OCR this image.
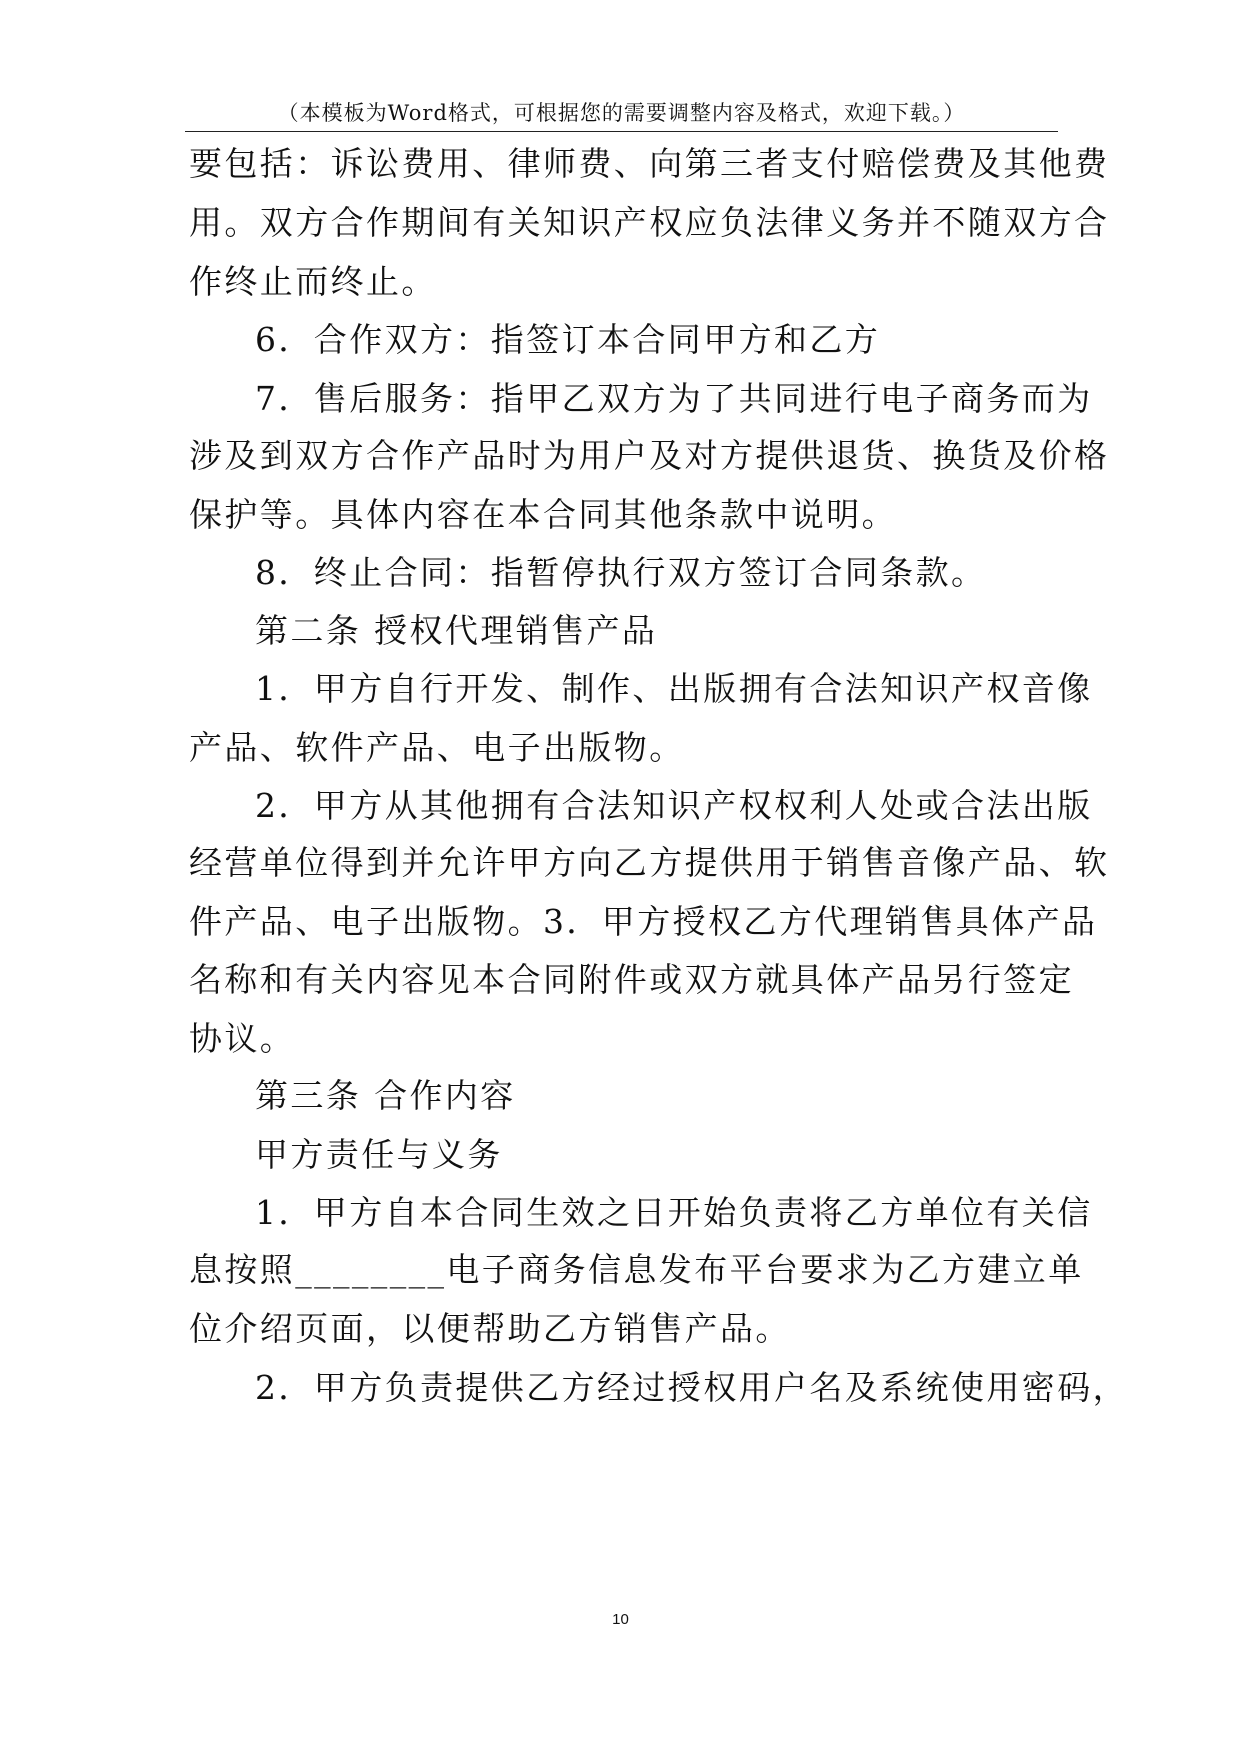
（本模板为Word格式，可根据您的需要调整内容及格式，欢迎下载。）
要包括：诉讼费用、律师费、向第三者支付赔偿费及其他费
用。双方合作期间有关知识产权应负法律义务并不随双方合
作终止而终止。
6．合作双方：指签订本合同甲方和乙方
7．售后服务：指甲乙双方为了共同进行电子商务而为
涉及到双方合作产品时为用户及对方提供退货、换货及价格
保护等。具体内容在本合同其他条款中说明。
8．终止合同：指暂停执行双方签订合同条款。
第二条 授权代理销售产品
1．甲方自行开发、制作、出版拥有合法知识产权音像
产品、软件产品、电子出版物。
2．甲方从其他拥有合法知识产权权利人处或合法出版
经营单位得到并允许甲方向乙方提供用于销售音像产品、软
件产品、电子出版物。3．甲方授权乙方代理销售具体产品
名称和有关内容见本合同附件或双方就具体产品另行签定
协议。
第三条 合作内容
甲方责任与义务
1．甲方自本合同生效之日开始负责将乙方单位有关信
息按照________电子商务信息发布平台要求为乙方建立单
位介绍页面，以便帮助乙方销售产品。
2．甲方负责提供乙方经过授权用户名及系统使用密码，
10
